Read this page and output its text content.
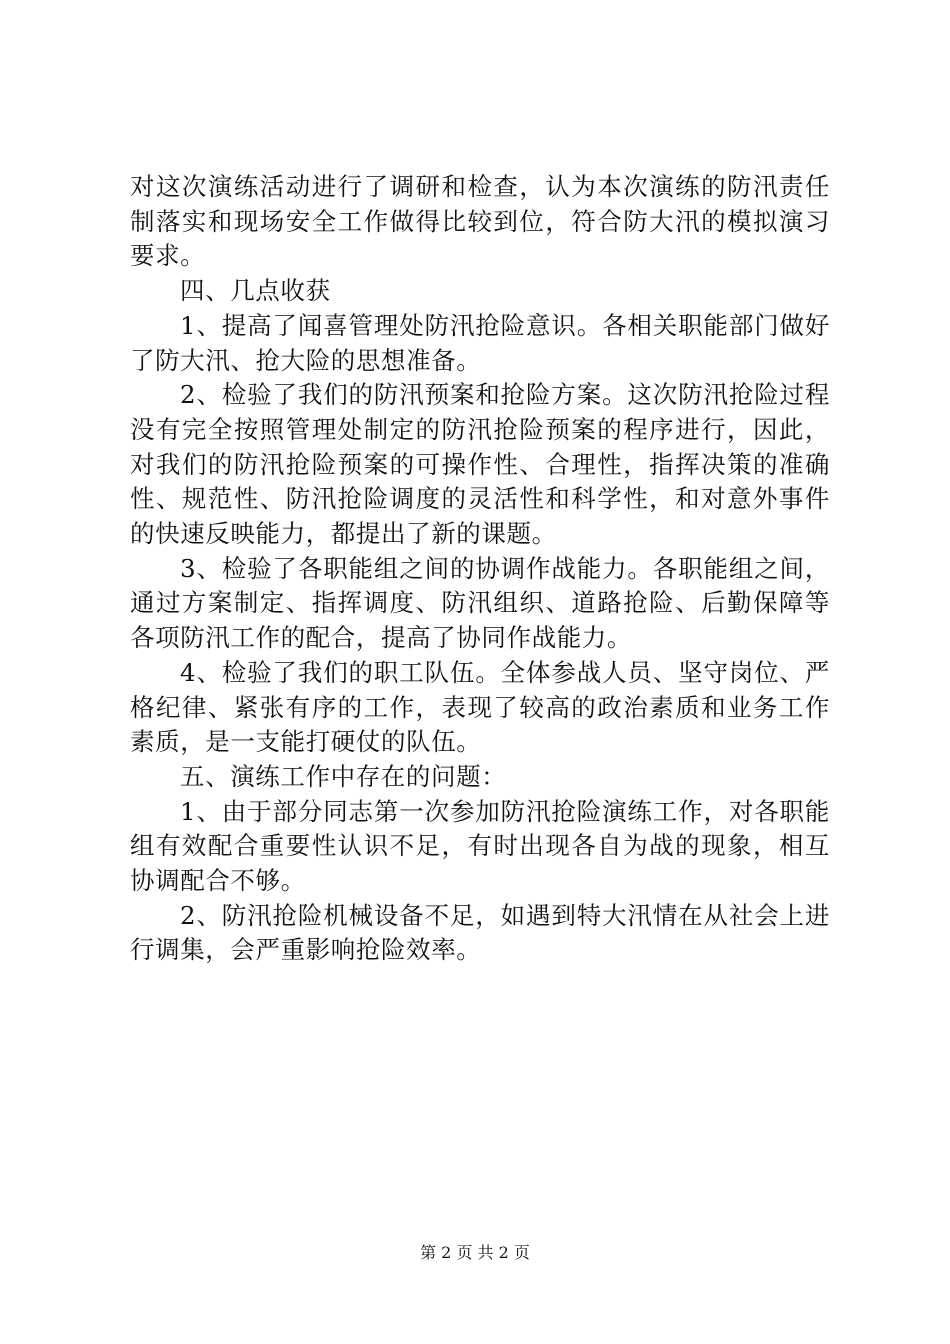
对这次演练活动进行了调研和检查，认为本次演练的防汛责任制落实和现场安全工作做得比较到位，符合防大汛的模拟演习要求。

四、几点收获

1、提高了闻喜管理处防汛抢险意识。各相关职能部门做好了防大汛、抢大险的思想准备。

2、检验了我们的防汛预案和抢险方案。这次防汛抢险过程没有完全按照管理处制定的防汛抢险预案的程序进行，因此，对我们的防汛抢险预案的可操作性、合理性，指挥决策的准确性、规范性、防汛抢险调度的灵活性和科学性，和对意外事件的快速反映能力，都提出了新的课题。

3、检验了各职能组之间的协调作战能力。各职能组之间，通过方案制定、指挥调度、防汛组织、道路抢险、后勤保障等各项防汛工作的配合，提高了协同作战能力。

4、检验了我们的职工队伍。全体参战人员、坚守岗位、严格纪律、紧张有序的工作，表现了较高的政治素质和业务工作素质，是一支能打硬仗的队伍。

五、演练工作中存在的问题：

1、由于部分同志第一次参加防汛抢险演练工作，对各职能组有效配合重要性认识不足，有时出现各自为战的现象，相互协调配合不够。

2、防汛抢险机械设备不足，如遇到特大汛情在从社会上进行调集，会严重影响抢险效率。

第 2 页 共 2 页
